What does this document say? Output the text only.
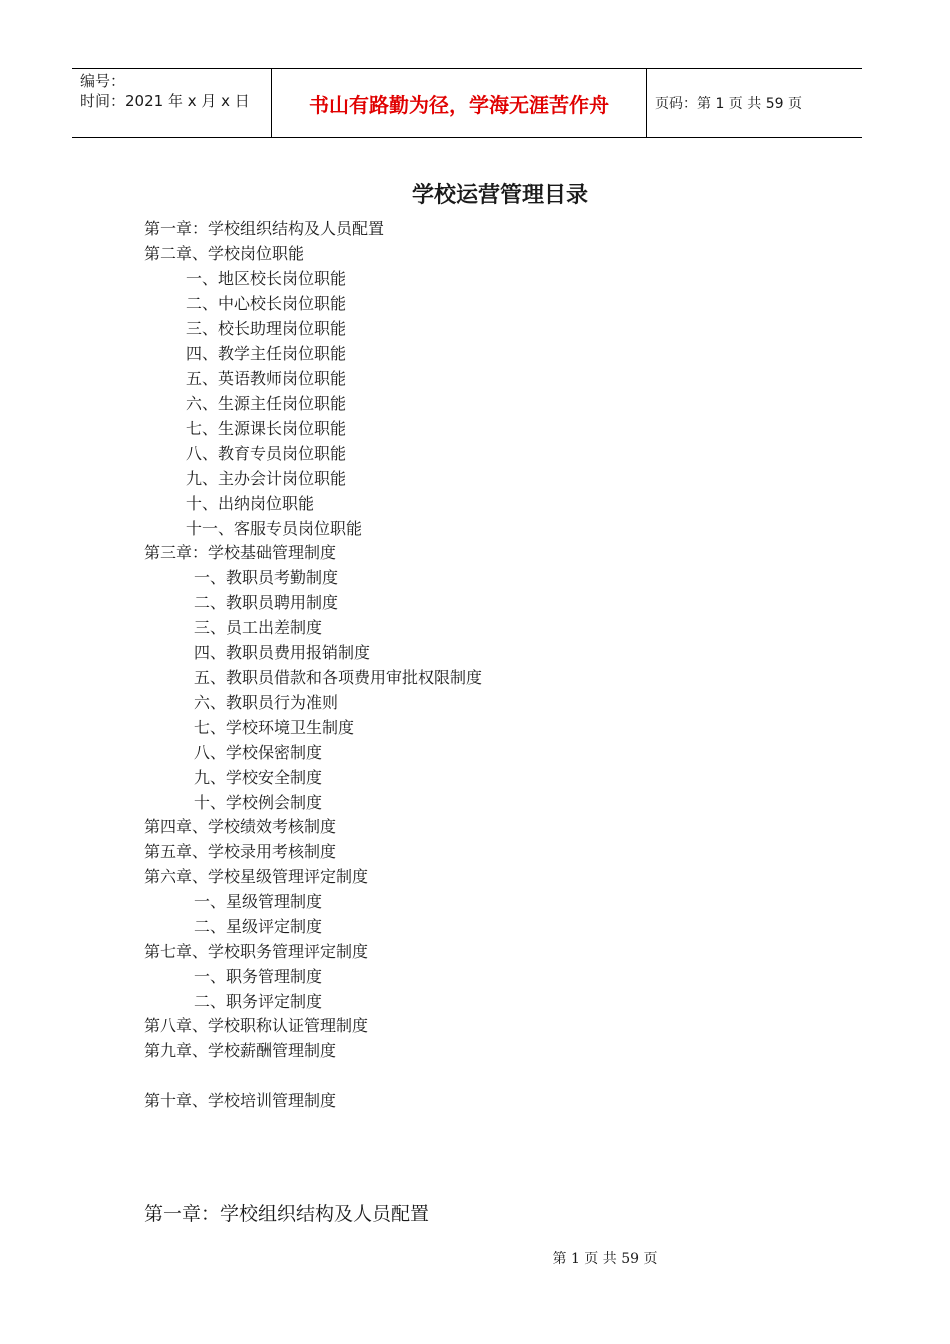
编号：
时间：2021 年 x 月 x 日	书山有路勤为径，学海无涯苦作舟	页码：第 1 页 共 59 页
学校运营管理目录
第一章：学校组织结构及人员配置
第二章、学校岗位职能
一、地区校长岗位职能
二、中心校长岗位职能
三、校长助理岗位职能
四、教学主任岗位职能
五、英语教师岗位职能
六、生源主任岗位职能
七、生源课长岗位职能
八、教育专员岗位职能
九、主办会计岗位职能
十、出纳岗位职能
十一、客服专员岗位职能
第三章：学校基础管理制度
一、教职员考勤制度
二、教职员聘用制度
三、员工出差制度
四、教职员费用报销制度
五、教职员借款和各项费用审批权限制度
六、教职员行为准则
七、学校环境卫生制度
八、学校保密制度
九、学校安全制度
十、学校例会制度
第四章、学校绩效考核制度
第五章、学校录用考核制度
第六章、学校星级管理评定制度
一、星级管理制度
二、星级评定制度
第七章、学校职务管理评定制度
一、职务管理制度
二、职务评定制度
第八章、学校职称认证管理制度
第九章、学校薪酬管理制度
第十章、学校培训管理制度
第一章：学校组织结构及人员配置
第 1 页 共 59 页
